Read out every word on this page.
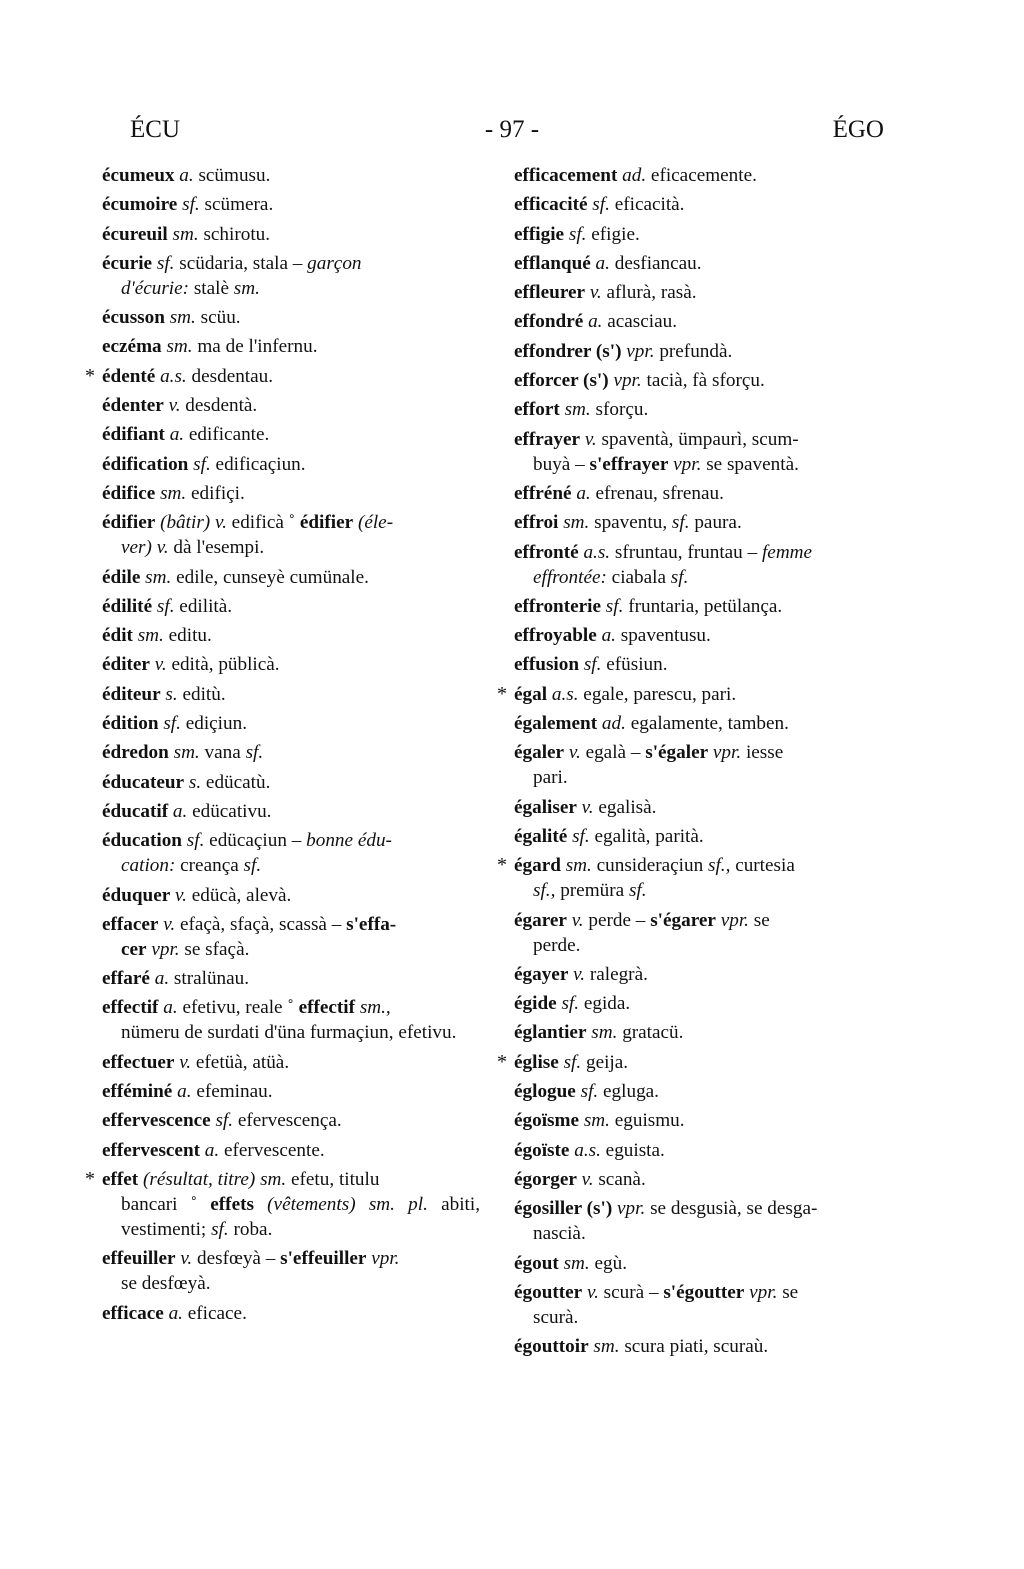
ÉCU	- 97 -	ÉGO
écumeux a. scümusu.
écumoire sf. scümera.
écureuil sm. schirotu.
écurie sf. scüdaria, stala – garçon
d'écurie: stalè sm.
écusson sm. scüu.
eczéma sm. ma de l'infernu.
* édenté a.s. desdentau.
édenter v. desdentà.
édifiant a. edificante.
édification sf. edificaçiun.
édifice sm. edifiçi.
édifier (bâtir) v. edificà ˚ édifier (éle-
ver) v. dà l'esempi.
édile sm. edile, cunseyè cumünale.
édilité sf. edilità.
édit sm. editu.
éditer v. edità, püblicà.
éditeur s. editù.
édition sf. ediçiun.
édredon sm. vana sf.
éducateur s. edücatù.
éducatif a. edücativu.
éducation sf. edücaçiun – bonne édu-
cation: creança sf.
éduquer v. edücà, alevà.
effacer v. efaçà, sfaçà, scassà – s'effa-
cer vpr. se sfaçà.
effaré a. stralünau.
effectif a. efetivu, reale ˚ effectif sm.,
nümeru de surdati d'üna furmaçiun, efetivu.
effectuer v. efetüà, atüà.
efféminé a. efeminau.
effervescence sf. efervescença.
effervescent a. efervescente.
* effet (résultat, titre) sm. efetu, titulu
bancari ˚ effets (vêtements) sm. pl. abiti, vestimenti; sf. roba.
effeuiller v. desfœyà – s'effeuiller vpr.
se desfœyà.
efficace a. eficace.
efficacement ad. eficacemente.
efficacité sf. eficacità.
effigie sf. efigie.
efflanqué a. desfiancau.
effleurer v. aflurà, rasà.
effondré a. acasciau.
effondrer (s') vpr. prefundà.
efforcer (s') vpr. tacià, fà sforçu.
effort sm. sforçu.
effrayer v. spaventà, ümpaurì, scum-
buyà – s'effrayer vpr. se spaventà.
effréné a. efrenau, sfrenau.
effroi sm. spaventu, sf. paura.
effronté a.s. sfruntau, fruntau – femme
effrontée: ciabala sf.
effronterie sf. fruntaria, petülança.
effroyable a. spaventusu.
effusion sf. efüsiun.
* égal a.s. egale, parescu, pari.
également ad. egalamente, tamben.
égaler v. egalà – s'égaler vpr. iesse
pari.
égaliser v. egalisà.
égalité sf. egalità, parità.
* égard sm. cunsideraçiun sf., curtesia
sf., premüra sf.
égarer v. perde – s'égarer vpr. se
perde.
égayer v. ralegrà.
égide sf. egida.
églantier sm. gratacü.
* église sf. geija.
églogue sf. egluga.
égoïsme sm. eguismu.
égoïste a.s. eguista.
égorger v. scanà.
égosiller (s') vpr. se desgusià, se desga-
nascià.
égout sm. egù.
égoutter v. scurà – s'égoutter vpr. se
scurà.
égouttoir sm. scura piati, scuraù.
